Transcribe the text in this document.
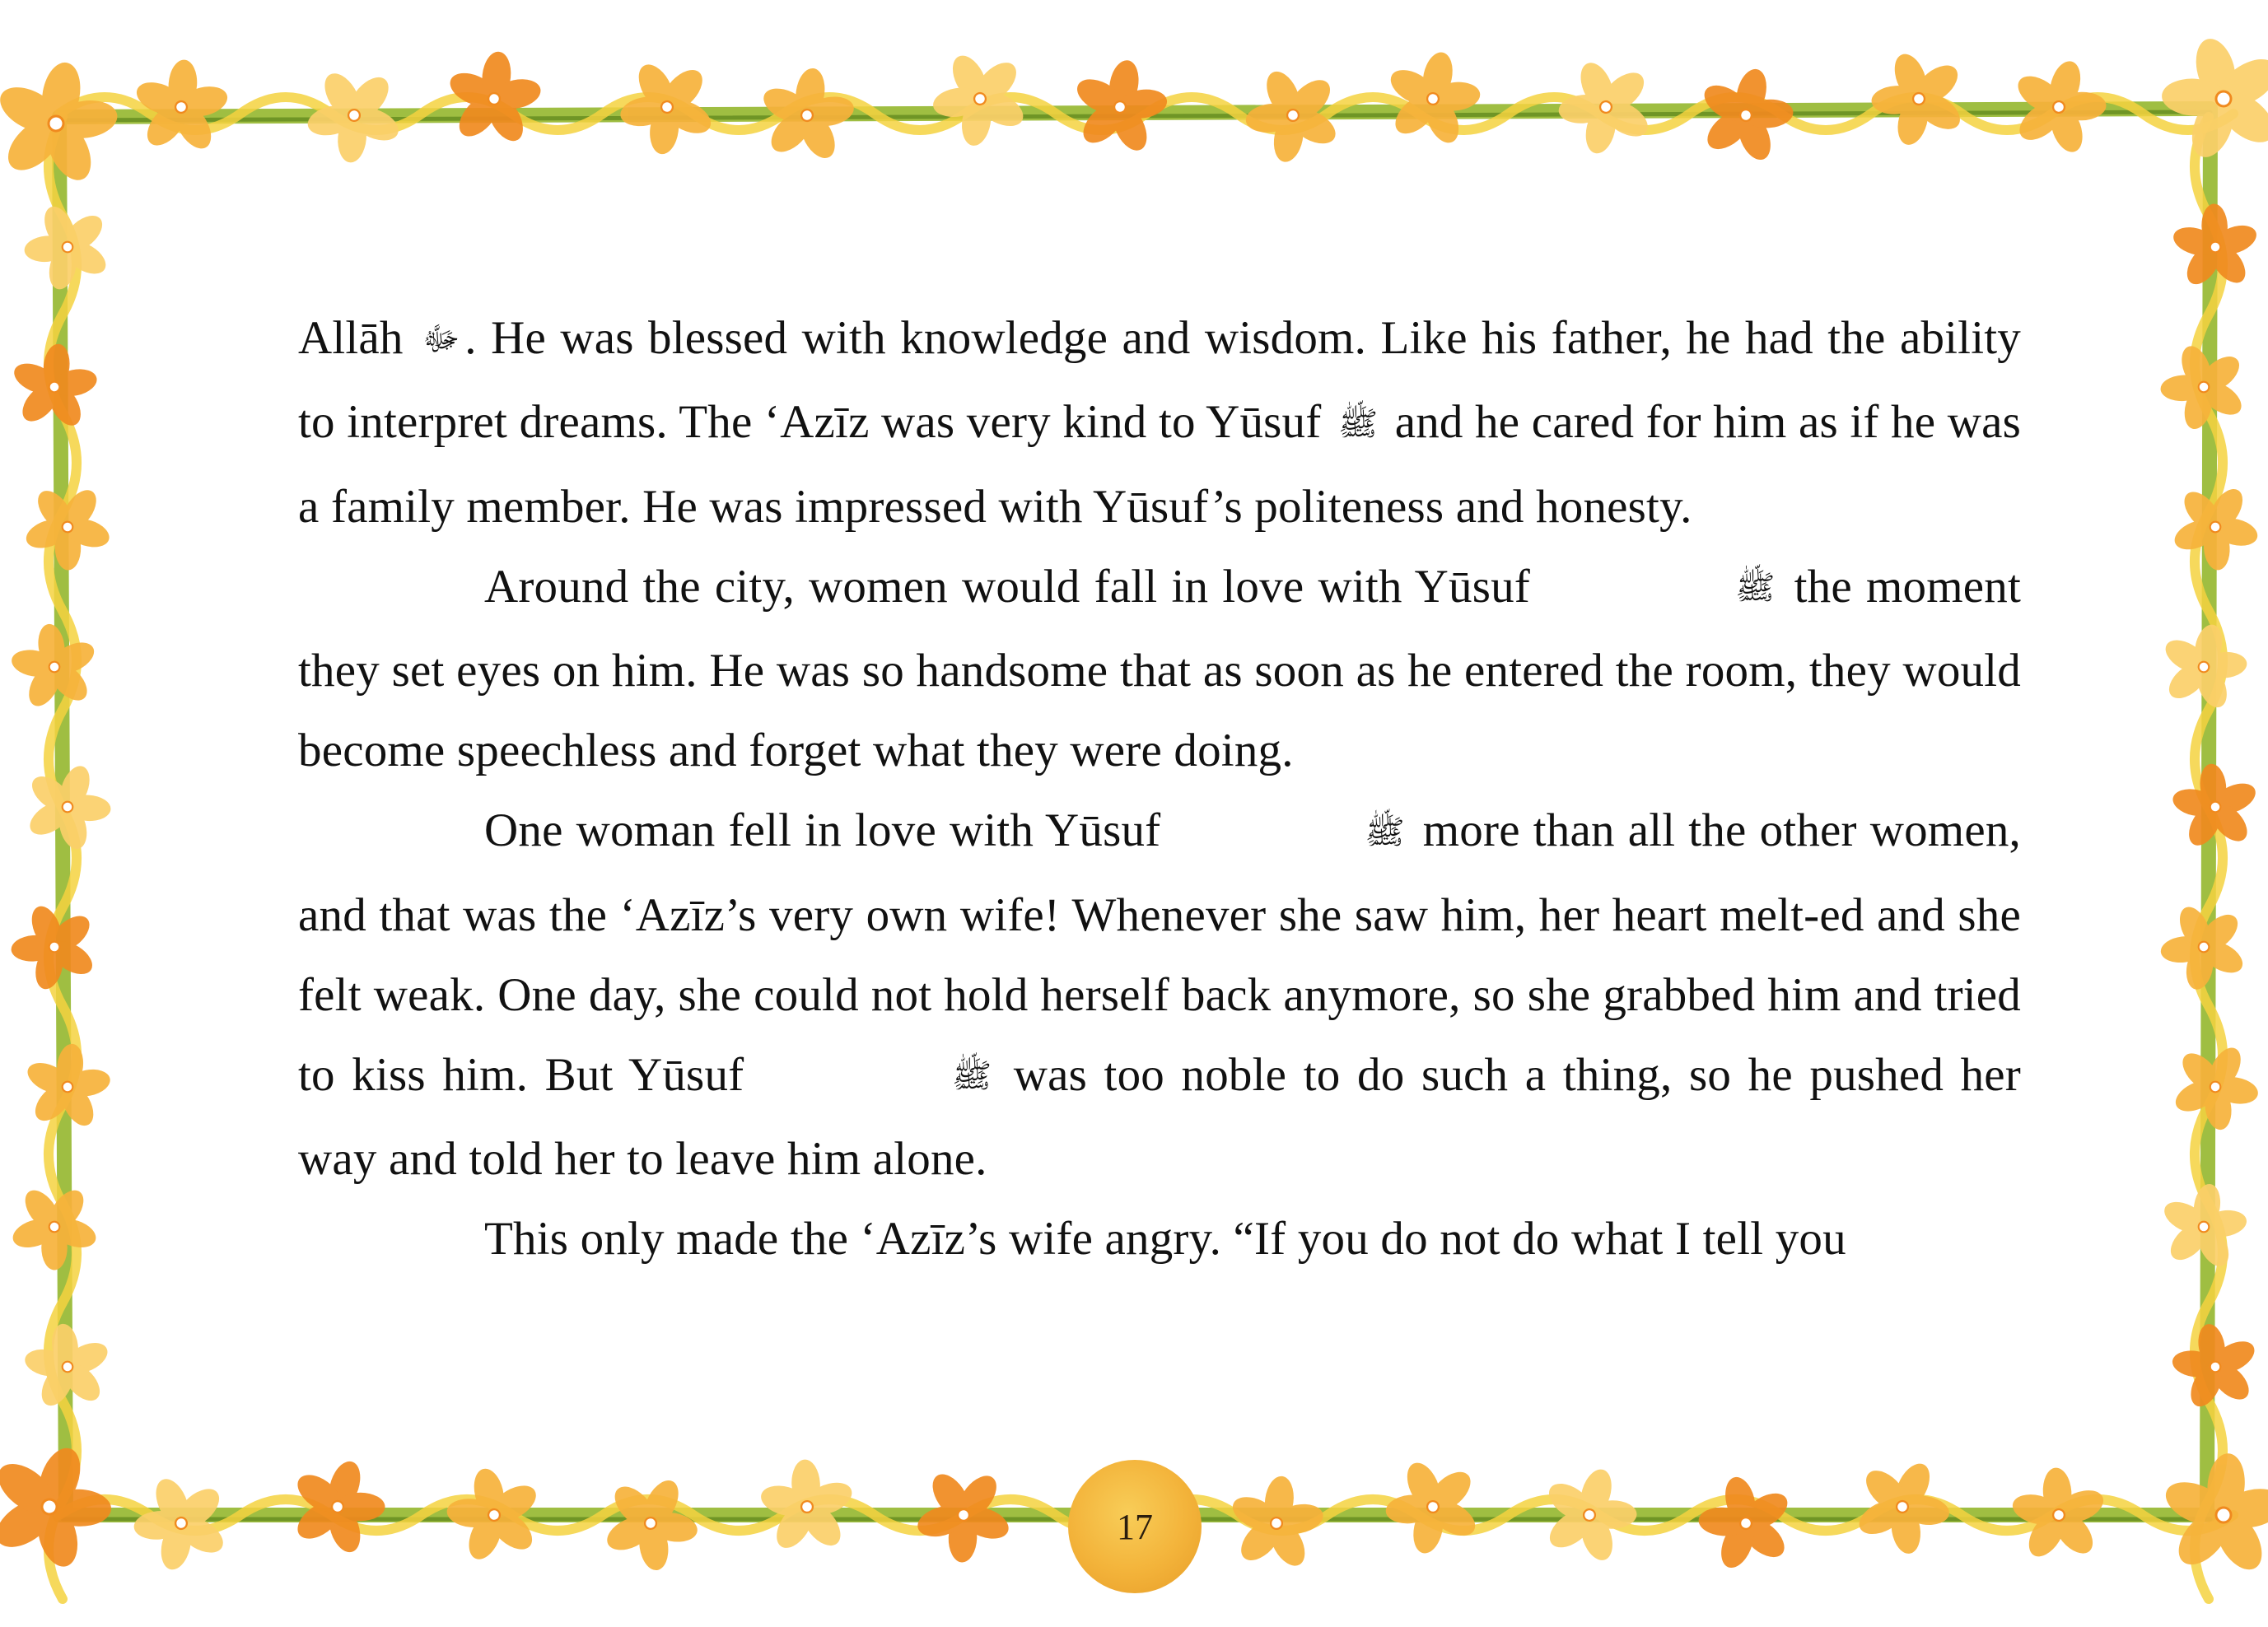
Allāh ﷻ . He was blessed with knowledge and wisdom. Like his father, he had the ability to interpret dreams. The ‘Azīz was very kind to Yūsuf ﷺ and he cared for him as if he was a family member. He was impressed with Yūsuf’s politeness and honesty.

Around the city, women would fall in love with Yūsuf	ﷺ the moment they set eyes on him. He was so handsome that as soon as he entered the room, they would become speechless and forget what they were doing.

One woman fell in love with Yūsuf	ﷺ more than all the other women, and that was the ‘Azīz’s very own wife! Whenever she saw him, her heart melt-ed and she felt weak. One day, she could not hold herself back anymore, so she grabbed him and tried to kiss him. But Yūsuf	ﷺ was too noble to do such a thing, so he pushed her way and told her to leave him alone.

This only made the ‘Azīz’s wife angry. “If you do not do what I tell you

17
